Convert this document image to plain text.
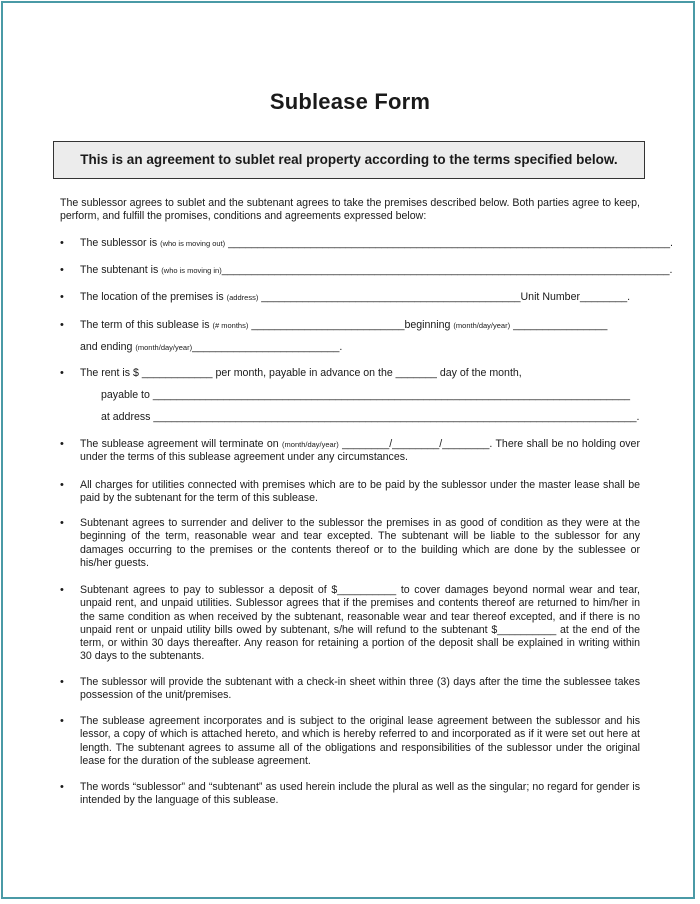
Sublease Form
This is an agreement to sublet real property according to the terms specified below.
The sublessor agrees to sublet and the subtenant agrees to take the premises described below. Both parties agree to keep, perform, and fulfill the promises, conditions and agreements expressed below:
• The sublessor is (who is moving out) ___________________________________________________________________________.
• The subtenant is (who is moving in)____________________________________________________________________________.
• The location of the premises is (address) ____________________________________________Unit Number________.
• The term of this sublease is (# months) __________________________beginning (month/day/year) ________________
and ending (month/day/year)_________________________.
• The rent is $ ____________ per month, payable in advance on the _______ day of the month,
payable to _________________________________________________________________________________
at address __________________________________________________________________________________.
• The sublease agreement will terminate on (month/day/year) ________/________/________. There shall be no holding over under the terms of this sublease agreement under any circumstances.
• All charges for utilities connected with premises which are to be paid by the sublessor under the master lease shall be paid by the subtenant for the term of this sublease.
• Subtenant agrees to surrender and deliver to the sublessor the premises in as good of condition as they were at the beginning of the term, reasonable wear and tear excepted. The subtenant will be liable to the sublessor for any damages occurring to the premises or the contents thereof or to the building which are done by the sublessee or his/her guests.
• Subtenant agrees to pay to sublessor a deposit of $__________ to cover damages beyond normal wear and tear, unpaid rent, and unpaid utilities. Sublessor agrees that if the premises and contents thereof are returned to him/her in the same condition as when received by the subtenant, reasonable wear and tear thereof excepted, and if there is no unpaid rent or unpaid utility bills owed by subtenant, s/he will refund to the subtenant $__________ at the end of the term, or within 30 days thereafter. Any reason for retaining a portion of the deposit shall be explained in writing within 30 days to the subtenants.
• The sublessor will provide the subtenant with a check-in sheet within three (3) days after the time the sublessee takes possession of the unit/premises.
• The sublease agreement incorporates and is subject to the original lease agreement between the sublessor and his lessor, a copy of which is attached hereto, and which is hereby referred to and incorporated as if it were set out here at length. The subtenant agrees to assume all of the obligations and responsibilities of the sublessor under the original lease for the duration of the sublease agreement.
• The words “sublessor” and “subtenant” as used herein include the plural as well as the singular; no regard for gender is intended by the language of this sublease.
